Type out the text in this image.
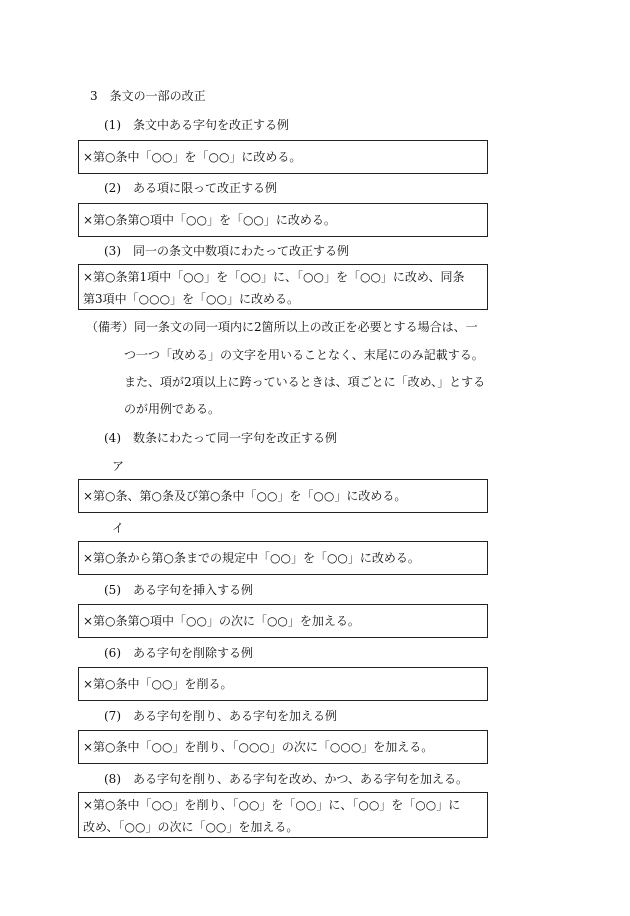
3　条文の一部の改正
(1)　条文中ある字句を改正する例
×第○条中「○○」を「○○」に改める。
(2)　ある項に限って改正する例
×第○条第○項中「○○」を「○○」に改める。
(3)　同一の条文中数項にわたって改正する例
×第○条第1項中「○○」を「○○」に、「○○」を「○○」に改め、同条
第3項中「○○○」を「○○」に改める。
（備考） 同一条文の同一項内に2箇所以上の改正を必要とする場合は、一
つ一つ「改める」の文字を用いることなく、末尾にのみ記載する。
また、項が2項以上に跨っているときは、項ごとに「改め、」とする
のが用例である。
(4)　数条にわたって同一字句を改正する例
ア
×第○条、第○条及び第○条中「○○」を「○○」に改める。
イ
×第○条から第○条までの規定中「○○」を「○○」に改める。
(5)　ある字句を挿入する例
×第○条第○項中「○○」の次に「○○」を加える。
(6)　ある字句を削除する例
×第○条中「○○」を削る。
(7)　ある字句を削り、ある字句を加える例
×第○条中「○○」を削り、「○○○」の次に「○○○」を加える。
(8)　ある字句を削り、ある字句を改め、かつ、ある字句を加える。
×第○条中「○○」を削り、「○○」を「○○」に、「○○」を「○○」に
改め、「○○」の次に「○○」を加える。
